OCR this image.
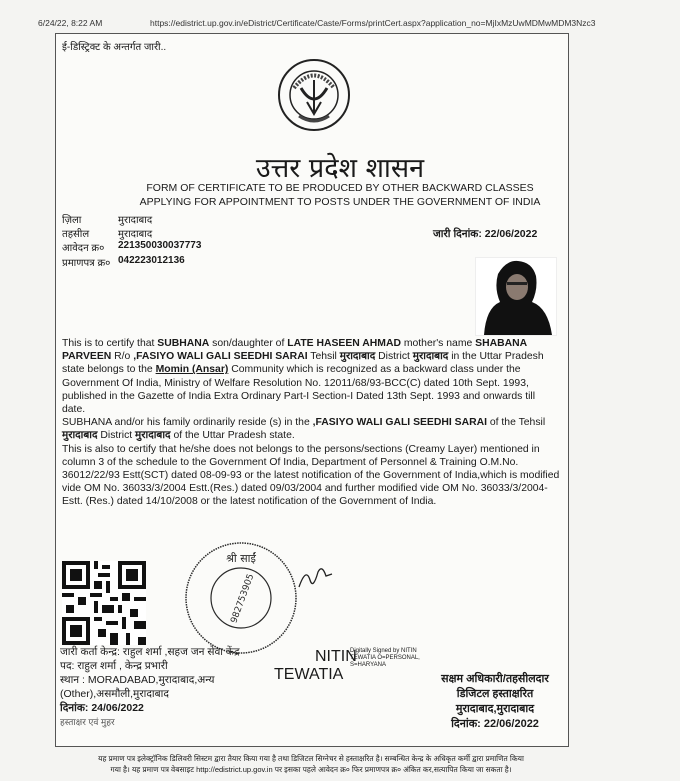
6/24/22, 8:22 AM	https://edistrict.up.gov.in/eDistrict/Certificate/Caste/Forms/printCert.aspx?application_no=MjIxMzUwMDMwMDM3Nzc3
ई-डिस्ट्रिक्ट के अन्तर्गत जारी..
उत्तर प्रदेश शासन
FORM OF CERTIFICATE TO BE PRODUCED BY OTHER BACKWARD CLASSES
APPLYING FOR APPOINTMENT TO POSTS UNDER THE GOVERNMENT OF INDIA
ज़िला	मुरादाबाद
तहसील	मुरादाबाद
आवेदन क्र० 221350030037773
प्रमाणपत्र क्र० 042223012136
जारी दिनांक: 22/06/2022

This is to certify that SUBHANA son/daughter of LATE HASEEN AHMAD mother's name SHABANA PARVEEN R/o ,FASIYO WALI GALI SEEDHI SARAI Tehsil मुरादाबाद District मुरादाबाद in the Uttar Pradesh state belongs to the Momin (Ansar) Community which is recognized as a backward class under the Government Of India, Ministry of Welfare Resolution No. 12011/68/93-BCC(C) dated 10th Sept. 1993, published in the Gazette of India Extra Ordinary Part-I Section-I Dated 13th Sept. 1993 and onwards till date.

SUBHANA and/or his family ordinarily reside (s) in the ,FASIYO WALI GALI SEEDHI SARAI of the Tehsil मुरादाबाद District मुरादाबाद of the Uttar Pradesh state.

This is also to certify that he/she does not belongs to the persons/sections (Creamy Layer) mentioned in column 3 of the schedule to the Government Of India, Department of Personnel & Training O.M.No. 36012/22/93 Estt(SCT) dated 08-09-93 or the latest notification of the Government of India,which is modified vide OM No. 36033/3/2004 Estt.(Res.) dated 09/03/2004 and further modified vide OM No. 36033/3/2004-Estt. (Res.) dated 14/10/2008 or the latest notification of the Government of India.

श्री साईं
982753905
जारी कर्ता केन्द्र: राहुल शर्मा ,सहज जन सेवा केंद्र
पद: राहुल शर्मा , केन्द्र प्रभारी
स्थान : MORADABAD,मुरादाबाद,अन्य (Other),असमौली,मुरादाबाद
दिनांक: 24/06/2022
हस्ताक्षर एवं मुहर
NITIN
TEWATIA
Digitally Signed by NITIN TEWATIA O=PERSONAL, S=HARYANA
सक्षम अधिकारी/तहसीलदार
डिजिटल हस्ताक्षरित
मुरादाबाद,मुरादाबाद
दिनांक: 22/06/2022
यह प्रमाण पत्र इलेक्ट्रॉनिक डिलिवरी सिस्टम द्वारा तैयार किया गया है तथा डिजिटल सिग्नेचर से हस्ताक्षरित है। सम्बन्धित केन्द्र के अधिकृत कर्मी द्वारा प्रमाणित किया
गया है। यह प्रमाण पत्र वेबसाइट http://edistrict.up.gov.in पर इसका पहले आवेदन क्र० फिर प्रमाणपत्र क्र० अंकित कर,सत्यापित किया जा सकता है।
